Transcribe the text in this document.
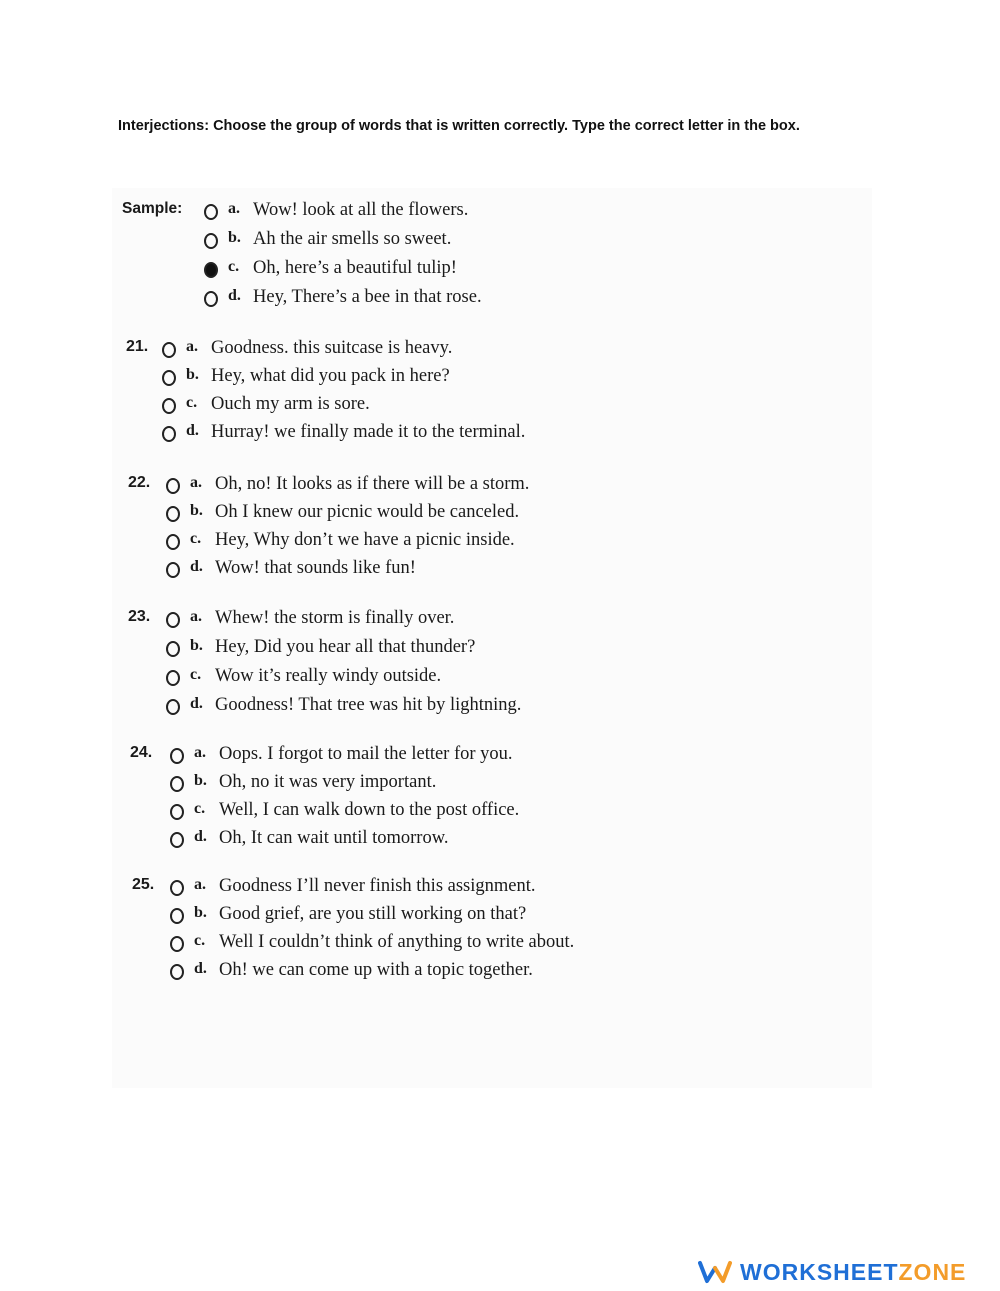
Interjections: Choose the group of words that is written correctly. Type the correct letter in the box.
Sample:	a. Wow! look at all the flowers.
b. Ah the air smells so sweet.
c. Oh, here’s a beautiful tulip!
d. Hey, There’s a bee in that rose.
21. a. Goodness. this suitcase is heavy.
b. Hey, what did you pack in here?
c. Ouch my arm is sore.
d. Hurray! we finally made it to the terminal.
22. a. Oh, no! It looks as if there will be a storm.
b. Oh I knew our picnic would be canceled.
c. Hey, Why don’t we have a picnic inside.
d. Wow! that sounds like fun!
23. a. Whew! the storm is finally over.
b. Hey, Did you hear all that thunder?
c. Wow it’s really windy outside.
d. Goodness! That tree was hit by lightning.
24.	a. Oops. I forgot to mail the letter for you.
b. Oh, no it was very important.
c. Well, I can walk down to the post office.
d. Oh, It can wait until tomorrow.
25. a. Goodness I’ll never finish this assignment.
b. Good grief, are you still working on that?
c. Well I couldn’t think of anything to write about.
d. Oh! we can come up with a topic together.
WORKSHEETZONE
